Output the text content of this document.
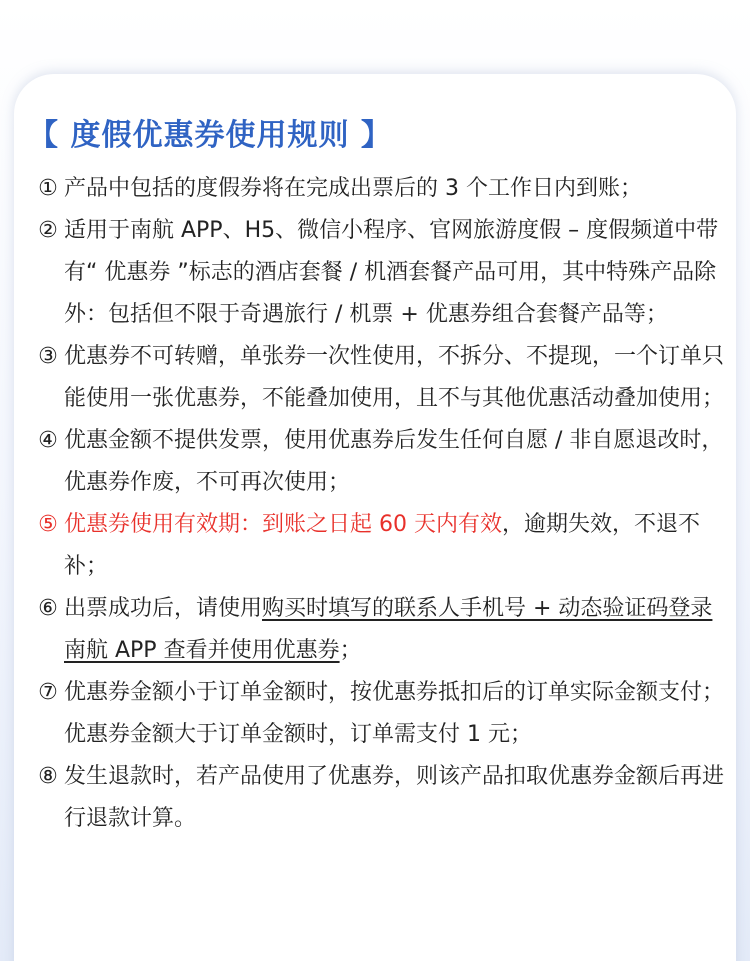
【 度假优惠券使用规则 】
① 产品中包括的度假券将在完成出票后的 3 个工作日内到账；
② 适用于南航 APP、H5、微信小程序、官网旅游度假 – 度假频道中带有“ 优惠券 ”标志的酒店套餐 / 机酒套餐产品可用，其中特殊产品除外：包括但不限于奇遇旅行 / 机票 + 优惠券组合套餐产品等；
③ 优惠券不可转赠，单张券一次性使用，不拆分、不提现，一个订单只能使用一张优惠券，不能叠加使用，且不与其他优惠活动叠加使用；
④ 优惠金额不提供发票，使用优惠券后发生任何自愿 / 非自愿退改时，优惠券作废，不可再次使用；
⑤ 优惠券使用有效期：到账之日起 60 天内有效，逾期失效，不退不补；
⑥ 出票成功后，请使用购买时填写的联系人手机号 + 动态验证码登录南航 APP 查看并使用优惠券；
⑦ 优惠券金额小于订单金额时，按优惠券抵扣后的订单实际金额支付；优惠券金额大于订单金额时，订单需支付 1 元；
⑧ 发生退款时，若产品使用了优惠券，则该产品扣取优惠券金额后再进行退款计算。
